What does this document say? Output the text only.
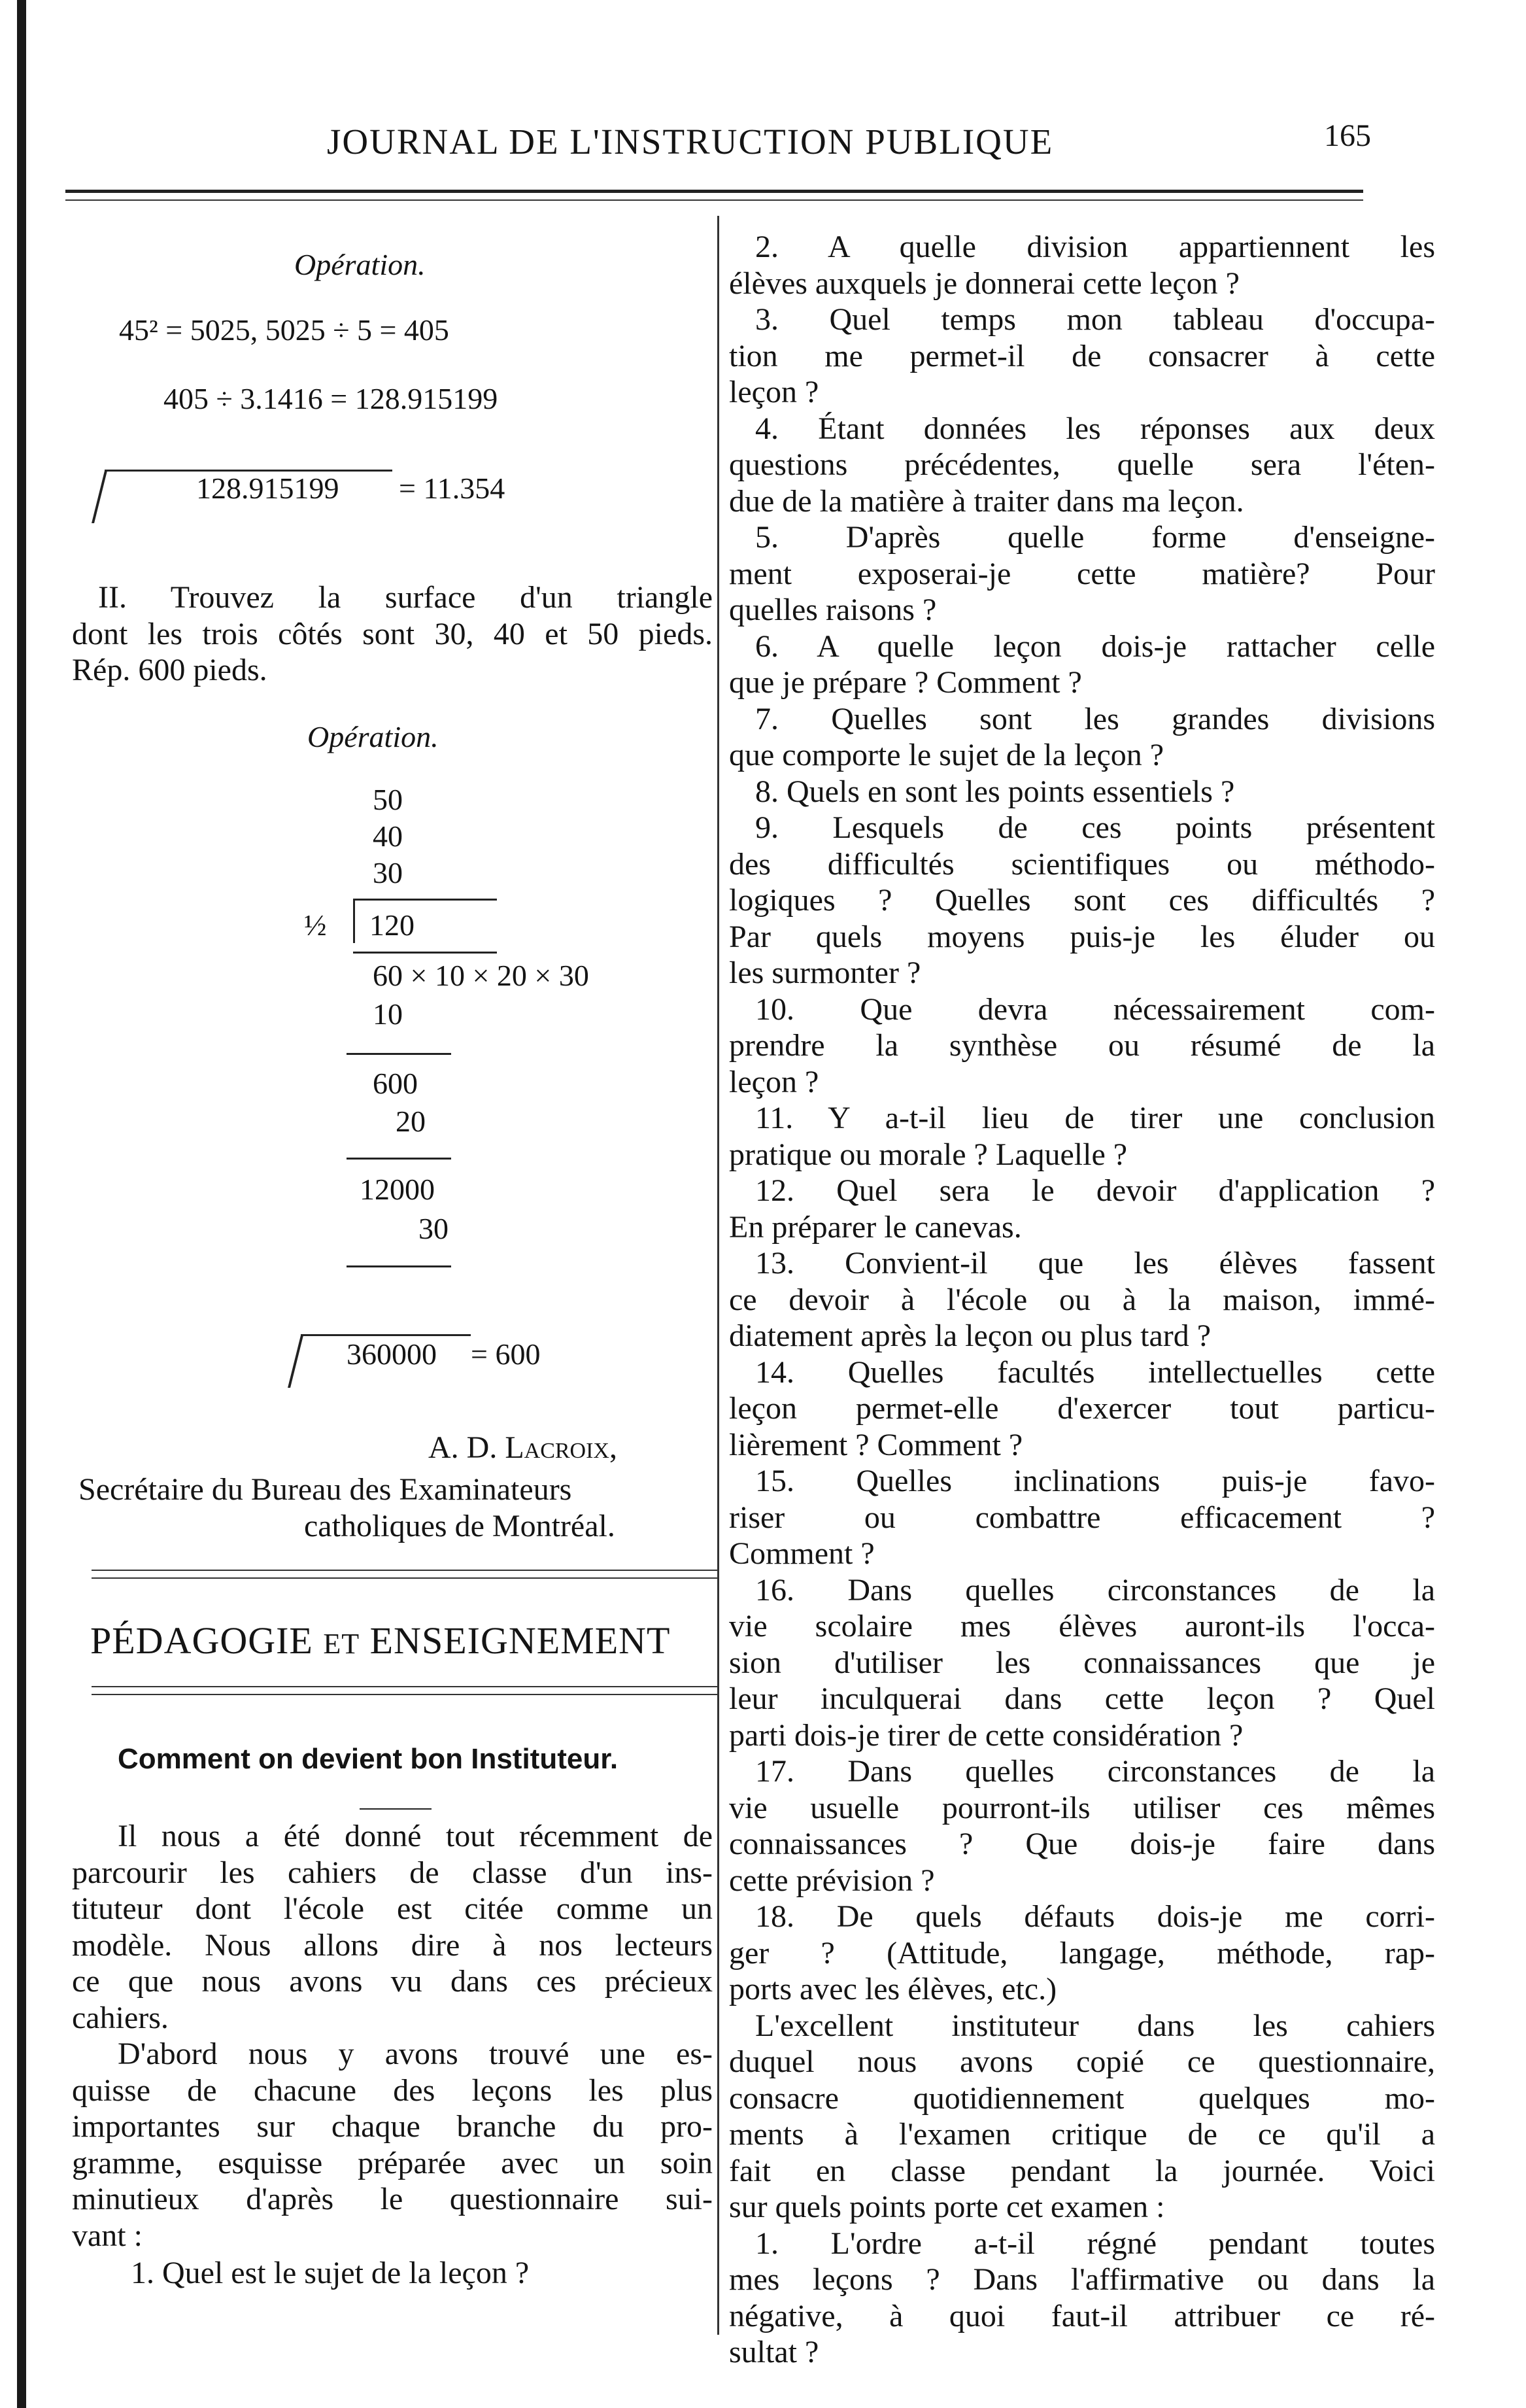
JOURNAL DE L'INSTRUCTION PUBLIQUE	165
Opération.
45² = 5025, 5025 ÷ 5 = 405
405 ÷ 3.1416 = 128.915199
128.915199 = 11.354
II. Trouvez la surface d'un triangle
dont les trois côtés sont 30, 40 et 50 pieds.
Rép. 600 pieds.
Opération.
50
40
30
½ 120
60 × 10 × 20 × 30
10
600
20
12000
30
360000 = 600
A. D. Lacroix,
Secrétaire du Bureau des Examinateurs
catholiques de Montréal.
PÉDAGOGIE ET ENSEIGNEMENT
Comment on devient bon Instituteur.
Il nous a été donné tout récemment de
parcourir les cahiers de classe d'un ins-
tituteur dont l'école est citée comme un
modèle. Nous allons dire à nos lecteurs
ce que nous avons vu dans ces précieux
cahiers.
D'abord nous y avons trouvé une es-
quisse de chacune des leçons les plus
importantes sur chaque branche du pro-
gramme, esquisse préparée avec un soin
minutieux d'après le questionnaire sui-
vant :
1. Quel est le sujet de la leçon ?
2. A quelle division appartiennent les
élèves auxquels je donnerai cette leçon ?
3. Quel temps mon tableau d'occupa-
tion me permet-il de consacrer à cette
leçon ?
4. Étant données les réponses aux deux
questions précédentes, quelle sera l'éten-
due de la matière à traiter dans ma leçon.
5. D'après quelle forme d'enseigne-
ment exposerai-je cette matière? Pour
quelles raisons ?
6. A quelle leçon dois-je rattacher celle
que je prépare ? Comment ?
7. Quelles sont les grandes divisions
que comporte le sujet de la leçon ?
8. Quels en sont les points essentiels ?
9. Lesquels de ces points présentent
des difficultés scientifiques ou méthodo-
logiques ? Quelles sont ces difficultés ?
Par quels moyens puis-je les éluder ou
les surmonter ?
10. Que devra nécessairement com-
prendre la synthèse ou résumé de la
leçon ?
11. Y a-t-il lieu de tirer une conclusion
pratique ou morale ? Laquelle ?
12. Quel sera le devoir d'application ?
En préparer le canevas.
13. Convient-il que les élèves fassent
ce devoir à l'école ou à la maison, immé-
diatement après la leçon ou plus tard ?
14. Quelles facultés intellectuelles cette
leçon permet-elle d'exercer tout particu-
lièrement ? Comment ?
15. Quelles inclinations puis-je favo-
riser ou combattre efficacement ?
Comment ?
16. Dans quelles circonstances de la
vie scolaire mes élèves auront-ils l'occa-
sion d'utiliser les connaissances que je
leur inculquerai dans cette leçon ? Quel
parti dois-je tirer de cette considération ?
17. Dans quelles circonstances de la
vie usuelle pourront-ils utiliser ces mêmes
connaissances ? Que dois-je faire dans
cette prévision ?
18. De quels défauts dois-je me corri-
ger ? (Attitude, langage, méthode, rap-
ports avec les élèves, etc.)
L'excellent instituteur dans les cahiers
duquel nous avons copié ce questionnaire,
consacre quotidiennement quelques mo-
ments à l'examen critique de ce qu'il a
fait en classe pendant la journée. Voici
sur quels points porte cet examen :
1. L'ordre a-t-il régné pendant toutes
mes leçons ? Dans l'affirmative ou dans la
négative, à quoi faut-il attribuer ce ré-
sultat ?
